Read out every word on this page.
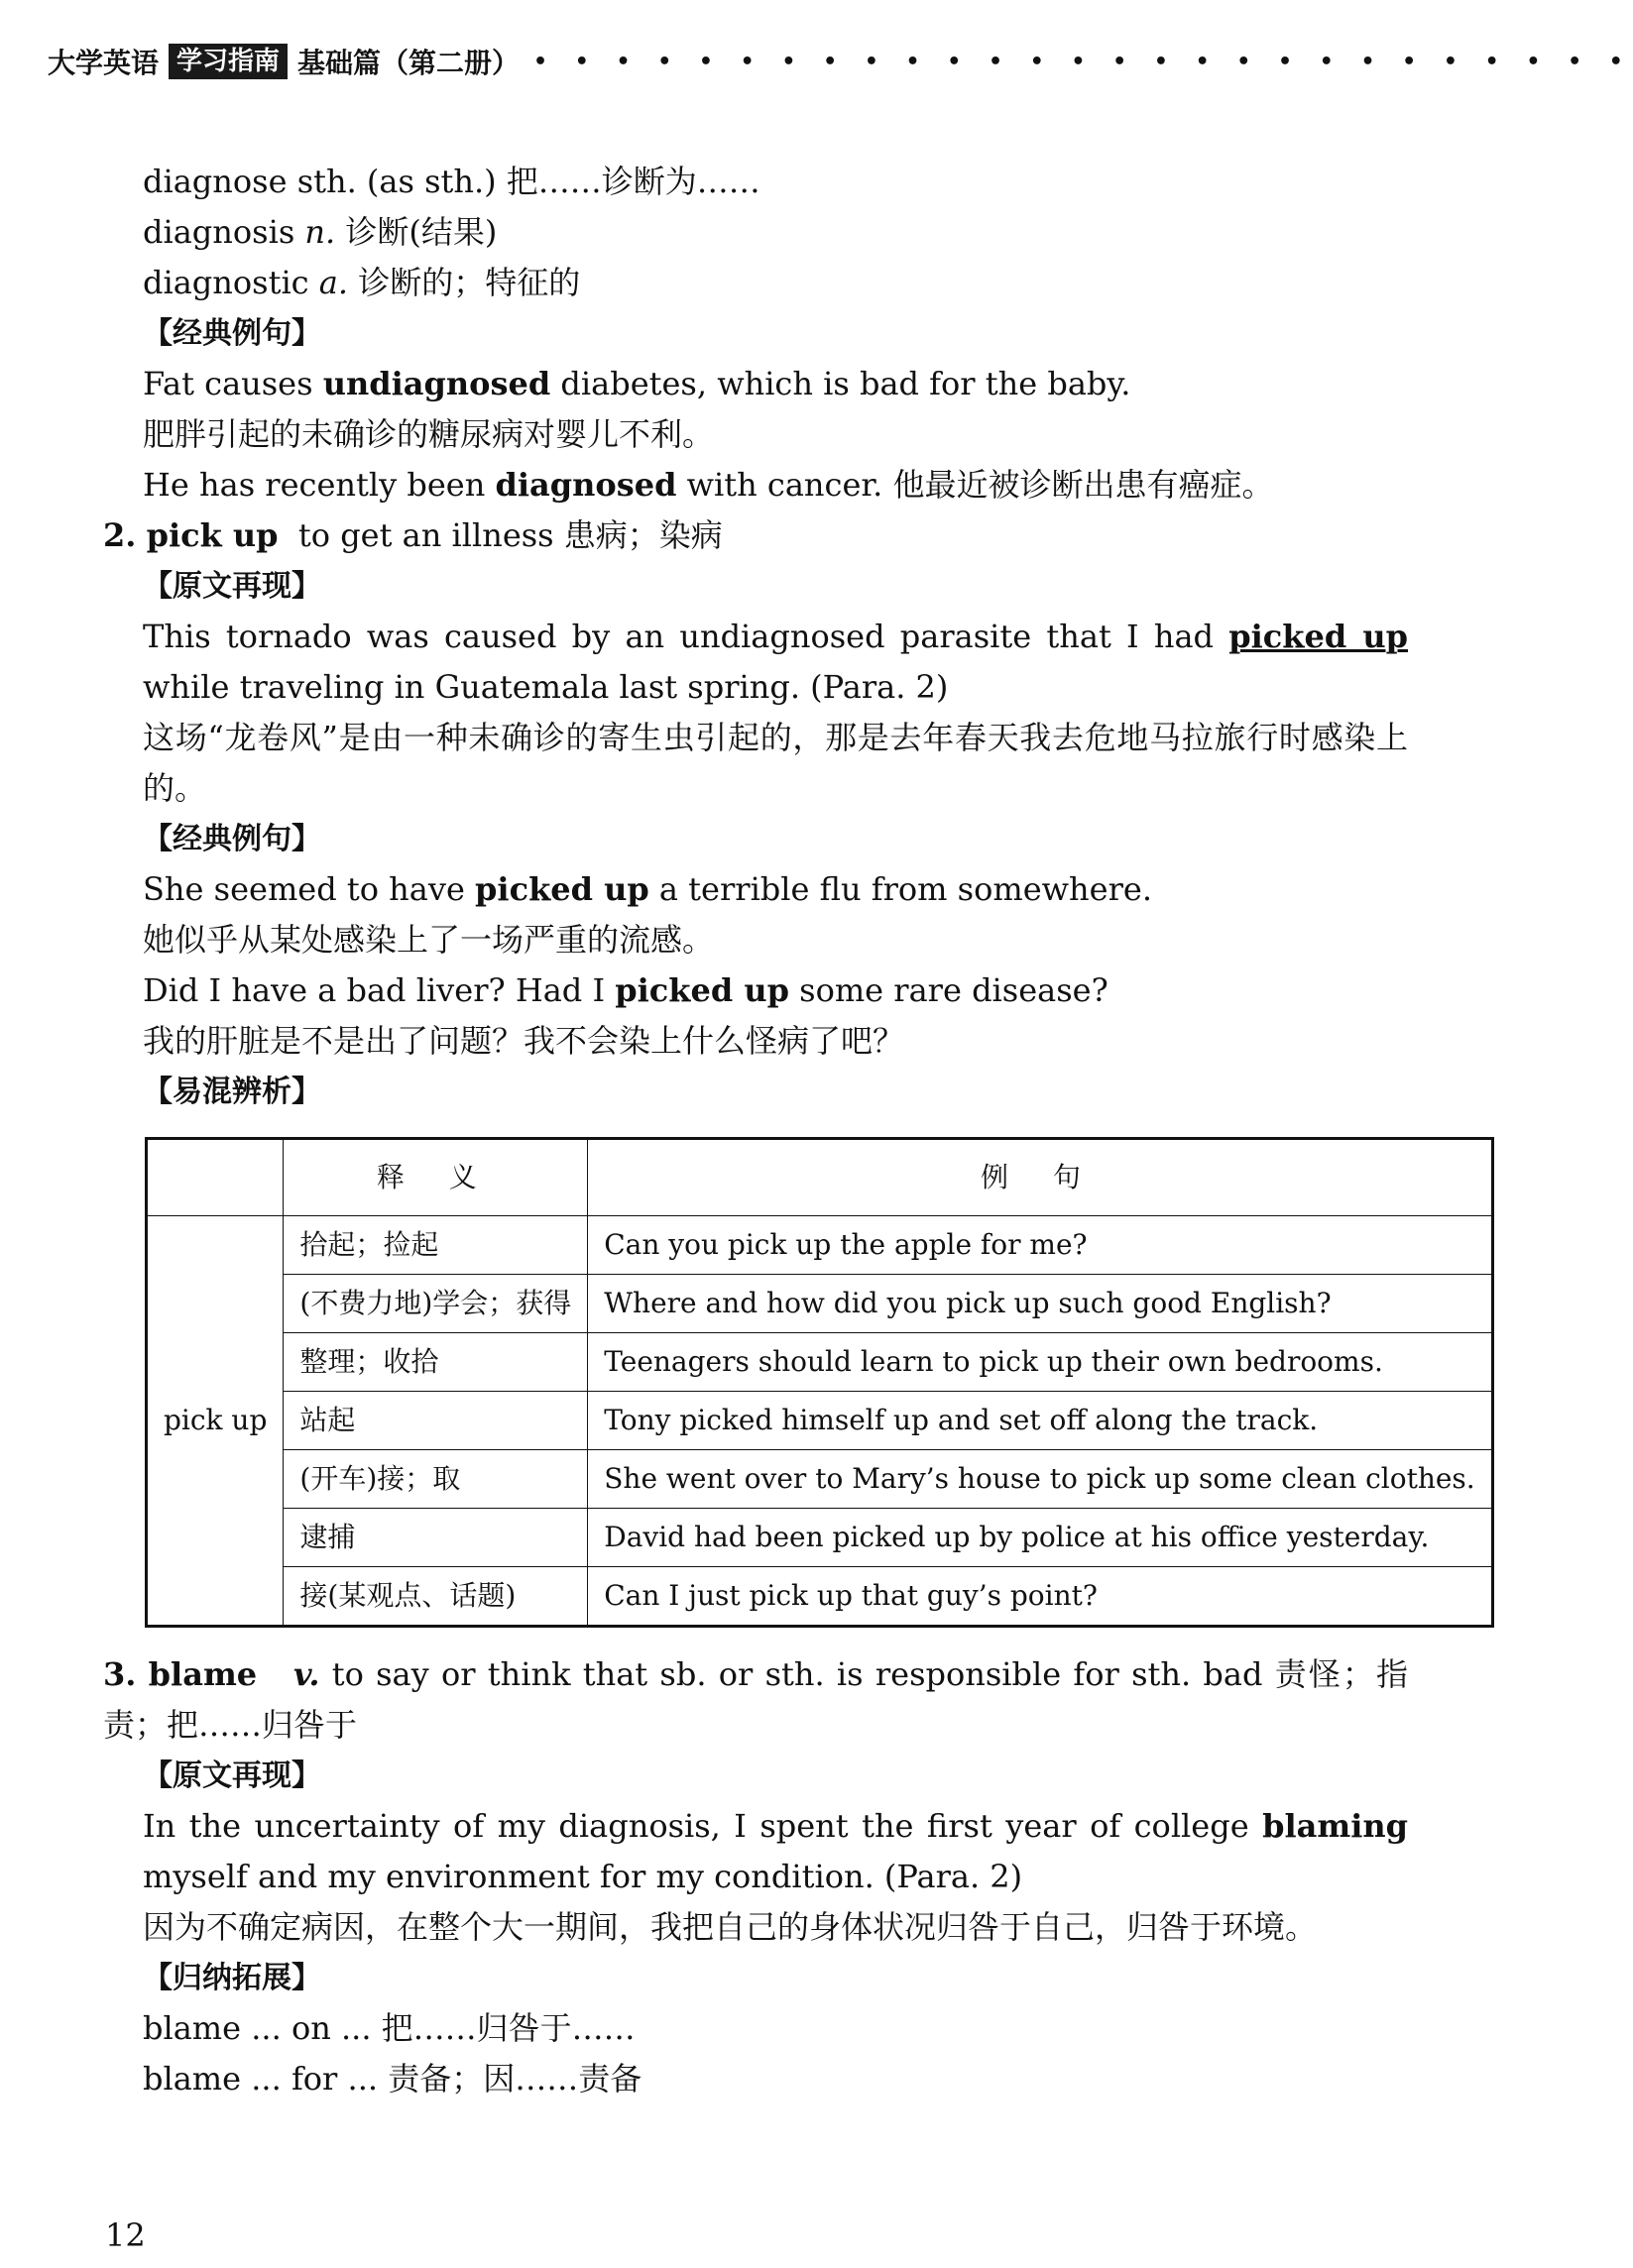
大学英语 学习指南 基础篇（第二册） • • • • • • • • • • • • • • • • • • • • • • • • • • •

diagnose sth. (as sth.) 把……诊断为……

diagnosis n. 诊断(结果)

diagnostic a. 诊断的；特征的

【经典例句】

Fat causes undiagnosed diabetes, which is bad for the baby.

肥胖引起的未确诊的糖尿病对婴儿不利。

He has recently been diagnosed with cancer. 他最近被诊断出患有癌症。

2. pick up to get an illness 患病；染病

【原文再现】

This tornado was caused by an undiagnosed parasite that I had picked up while traveling in Guatemala last spring. (Para. 2)

这场“龙卷风”是由一种未确诊的寄生虫引起的，那是去年春天我去危地马拉旅行时感染上的。

【经典例句】

She seemed to have picked up a terrible flu from somewhere.

她似乎从某处感染上了一场严重的流感。

Did I have a bad liver? Had I picked up some rare disease?

我的肝脏是不是出了问题？我不会染上什么怪病了吧？

【易混辨析】

	释 义	例 句
pick up	拾起；捡起	Can you pick up the apple for me?
	(不费力地)学会；获得	Where and how did you pick up such good English?
	整理；收拾	Teenagers should learn to pick up their own bedrooms.
	站起	Tony picked himself up and set off along the track.
	(开车)接；取	She went over to Mary’s house to pick up some clean clothes.
	逮捕	David had been picked up by police at his office yesterday.
	接(某观点、话题)	Can I just pick up that guy’s point?

3. blame v. to say or think that sb. or sth. is responsible for sth. bad 责怪；指责；把……归咎于

【原文再现】

In the uncertainty of my diagnosis, I spent the first year of college blaming myself and my environment for my condition. (Para. 2)

因为不确定病因，在整个大一期间，我把自己的身体状况归咎于自己，归咎于环境。

【归纳拓展】

blame ... on ... 把……归咎于……

blame ... for ... 责备；因……责备

12
